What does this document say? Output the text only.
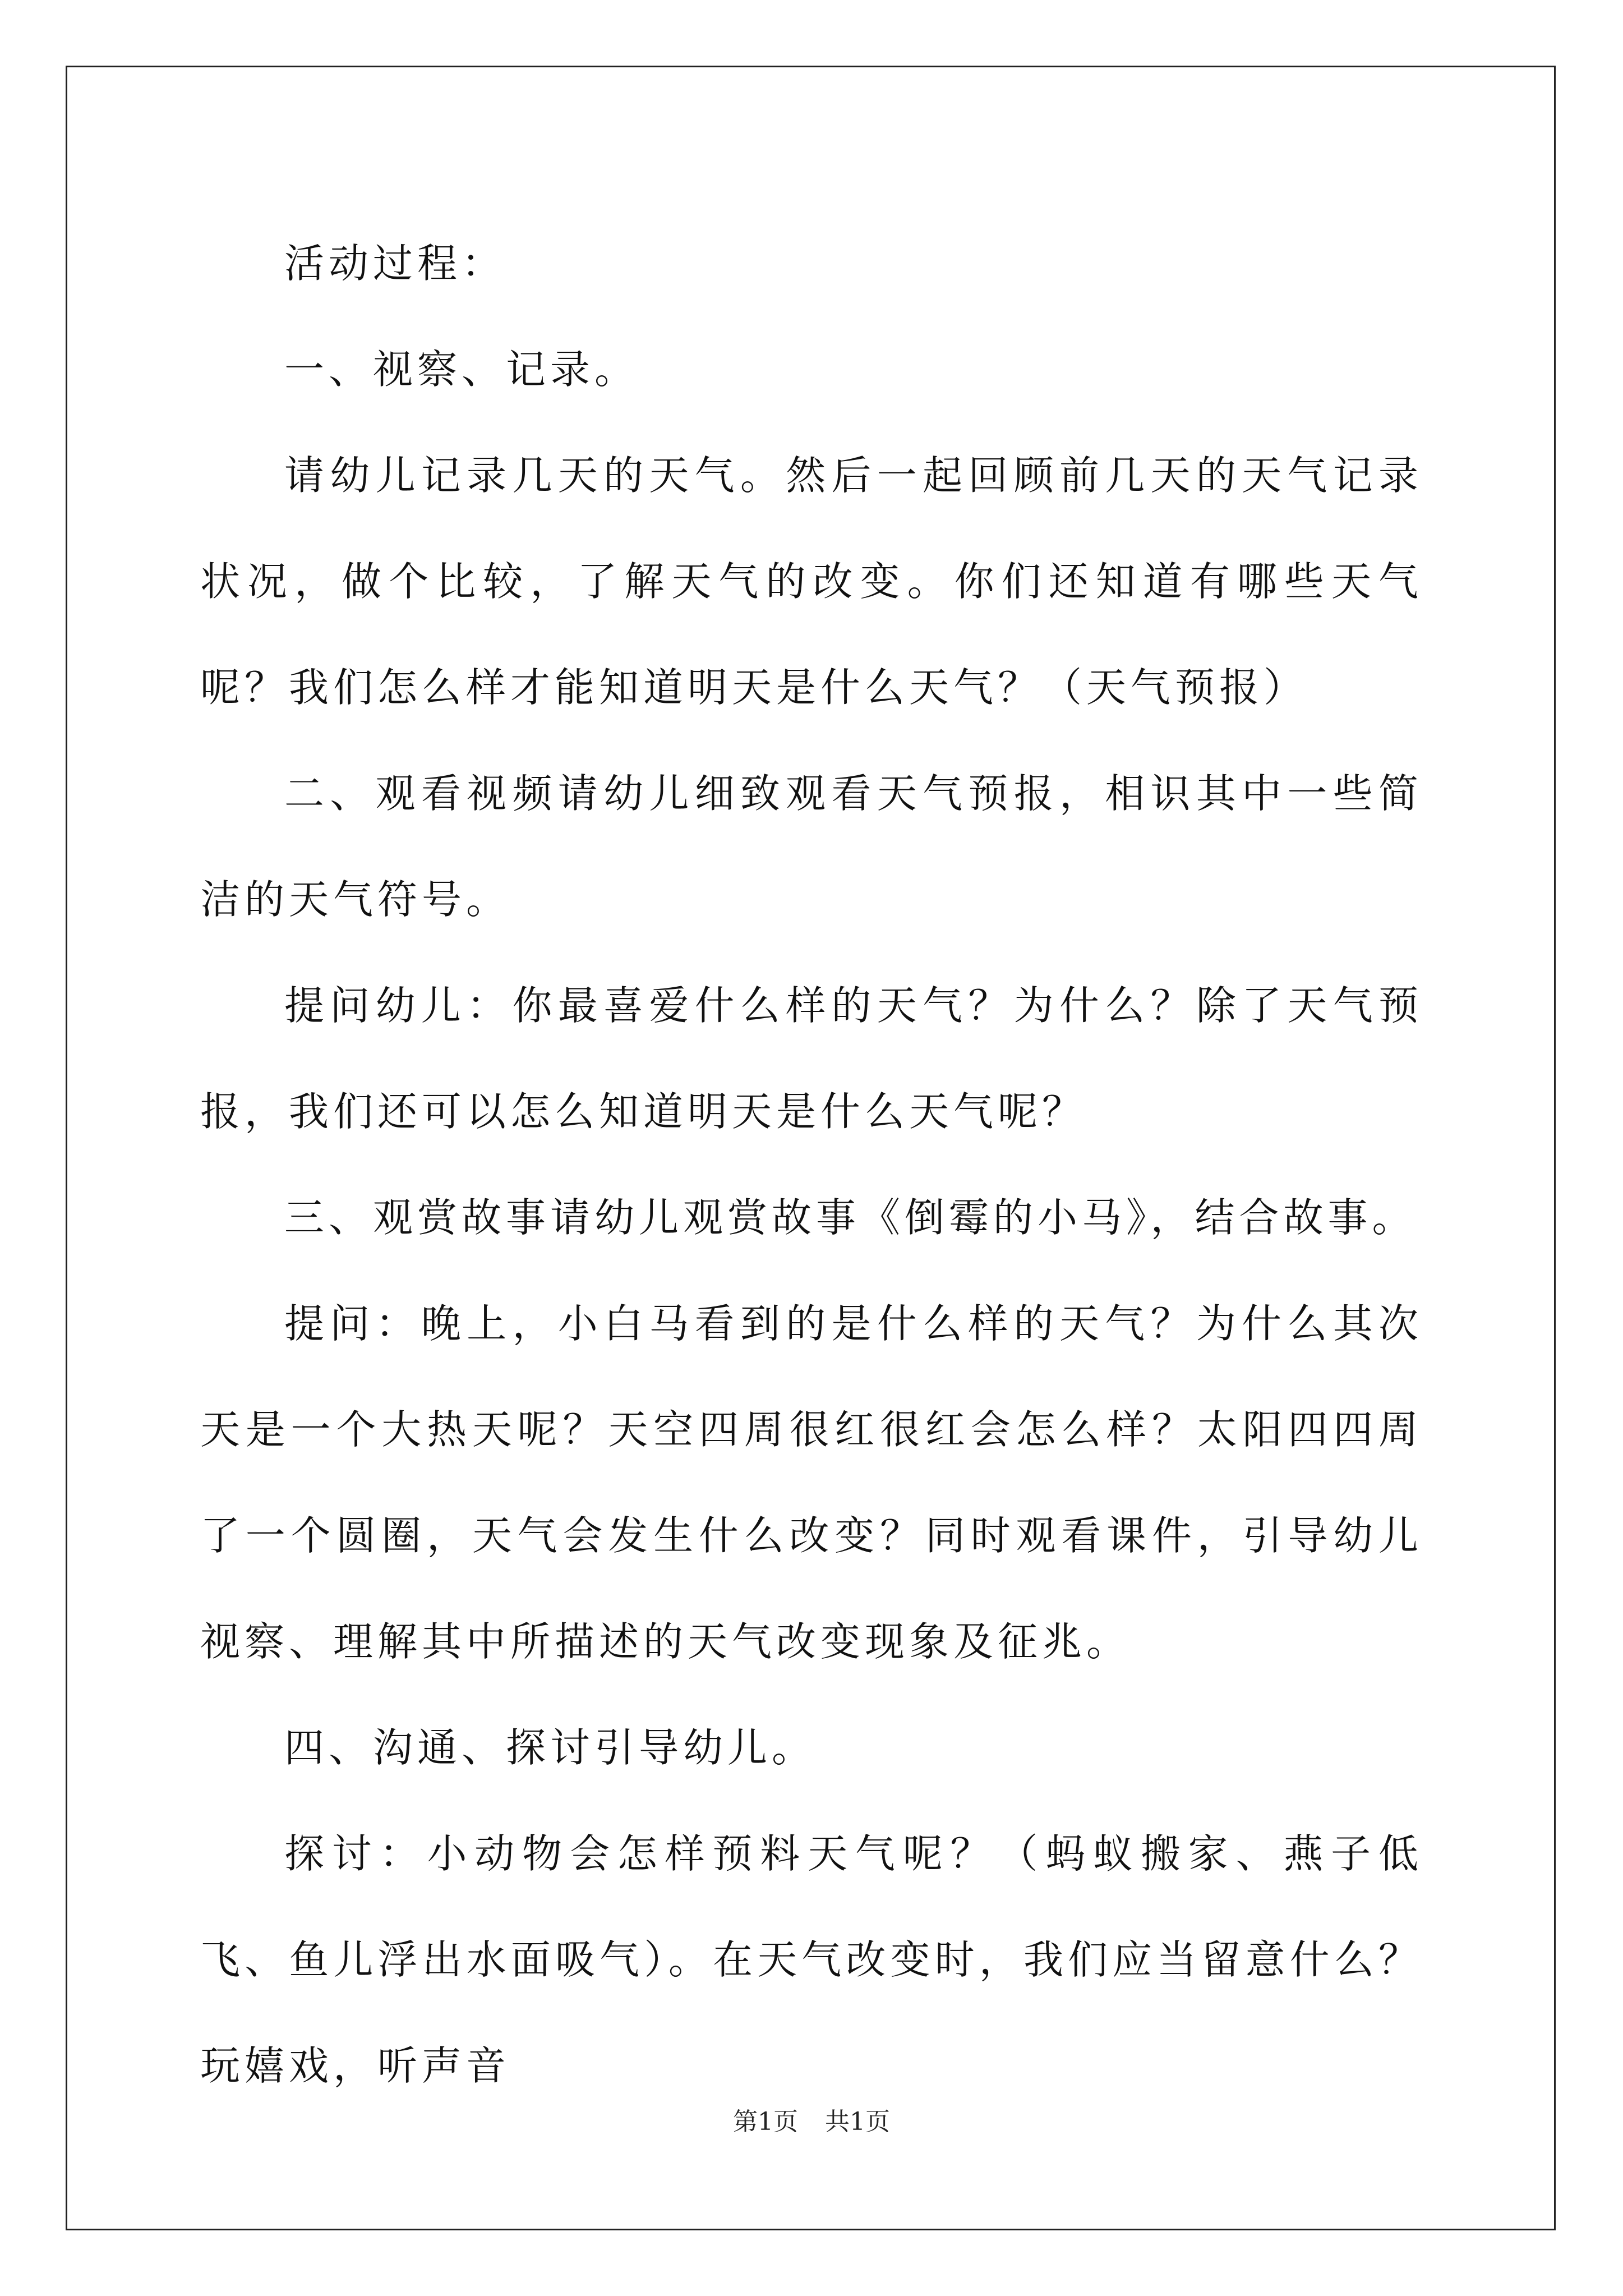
活动过程：

一、视察、记录。

请幼儿记录几天的天气。然后一起回顾前几天的天气记录状况，做个比较，了解天气的改变。你们还知道有哪些天气呢？我们怎么样才能知道明天是什么天气？（天气预报）

二、观看视频请幼儿细致观看天气预报，相识其中一些简洁的天气符号。

提问幼儿：你最喜爱什么样的天气？为什么？除了天气预报，我们还可以怎么知道明天是什么天气呢？

三、观赏故事请幼儿观赏故事《倒霉的小马》，结合故事。

提问：晚上，小白马看到的是什么样的天气？为什么其次天是一个大热天呢？天空四周很红很红会怎么样？太阳四四周了一个圆圈，天气会发生什么改变？同时观看课件，引导幼儿视察、理解其中所描述的天气改变现象及征兆。

四、沟通、探讨引导幼儿。

探讨：小动物会怎样预料天气呢？（蚂蚁搬家、燕子低飞、鱼儿浮出水面吸气）。在天气改变时，我们应当留意什么？玩嬉戏，听声音

第1页 共1页
